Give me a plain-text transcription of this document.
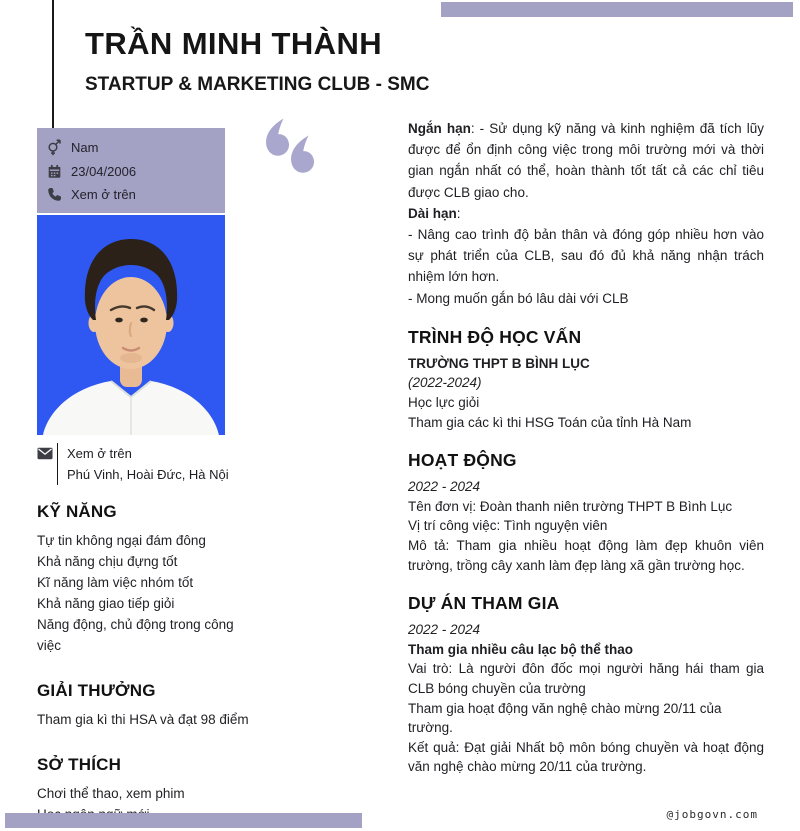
TRẦN MINH THÀNH
STARTUP & MARKETING CLUB - SMC
Nam
23/04/2006
Xem ở trên
Xem ở trên
Phú Vinh, Hoài Đức, Hà Nội
KỸ NĂNG
Tự tin không ngại đám đông
Khả năng chịu đựng tốt
Kĩ năng làm việc nhóm tốt
Khả năng giao tiếp giỏi
Năng động, chủ động trong công việc
GIẢI THƯỞNG
Tham gia kì thi HSA và đạt 98 điểm
SỞ THÍCH
Chơi thể thao, xem phim

Ngắn hạn: - Sử dụng kỹ năng và kinh nghiệm đã tích lũy được để ổn định công việc trong môi trường mới và thời gian ngắn nhất có thể, hoàn thành tốt tất cả các chỉ tiêu được CLB giao cho.

Dài hạn:

- Nâng cao trình độ bản thân và đóng góp nhiều hơn vào sự phát triển của CLB, sau đó đủ khả năng nhận trách nhiệm lớn hơn.

- Mong muốn gắn bó lâu dài với CLB

TRÌNH ĐỘ HỌC VẤN
TRƯỜNG THPT B BÌNH LỤC
(2022-2024)
Học lực giỏi
Tham gia các kì thi HSG Toán của tỉnh Hà Nam
HOẠT ĐỘNG
2022 - 2024
Tên đơn vị: Đoàn thanh niên trường THPT B Bình Lục
Vị trí công việc: Tình nguyện viên
Mô tả: Tham gia nhiều hoạt động làm đẹp khuôn viên trường, trồng cây xanh làm đẹp làng xã gần trường học.
DỰ ÁN THAM GIA
2022 - 2024
Tham gia nhiều câu lạc bộ thể thao
Vai trò: Là người đôn đốc mọi người hăng hái tham gia CLB bóng chuyền của trường
Tham gia hoạt động văn nghệ chào mừng 20/11 của trường.
Kết quả: Đạt giải Nhất bộ môn bóng chuyền và hoạt động văn nghệ chào mừng 20/11 của trường.
@jobgovn.com
